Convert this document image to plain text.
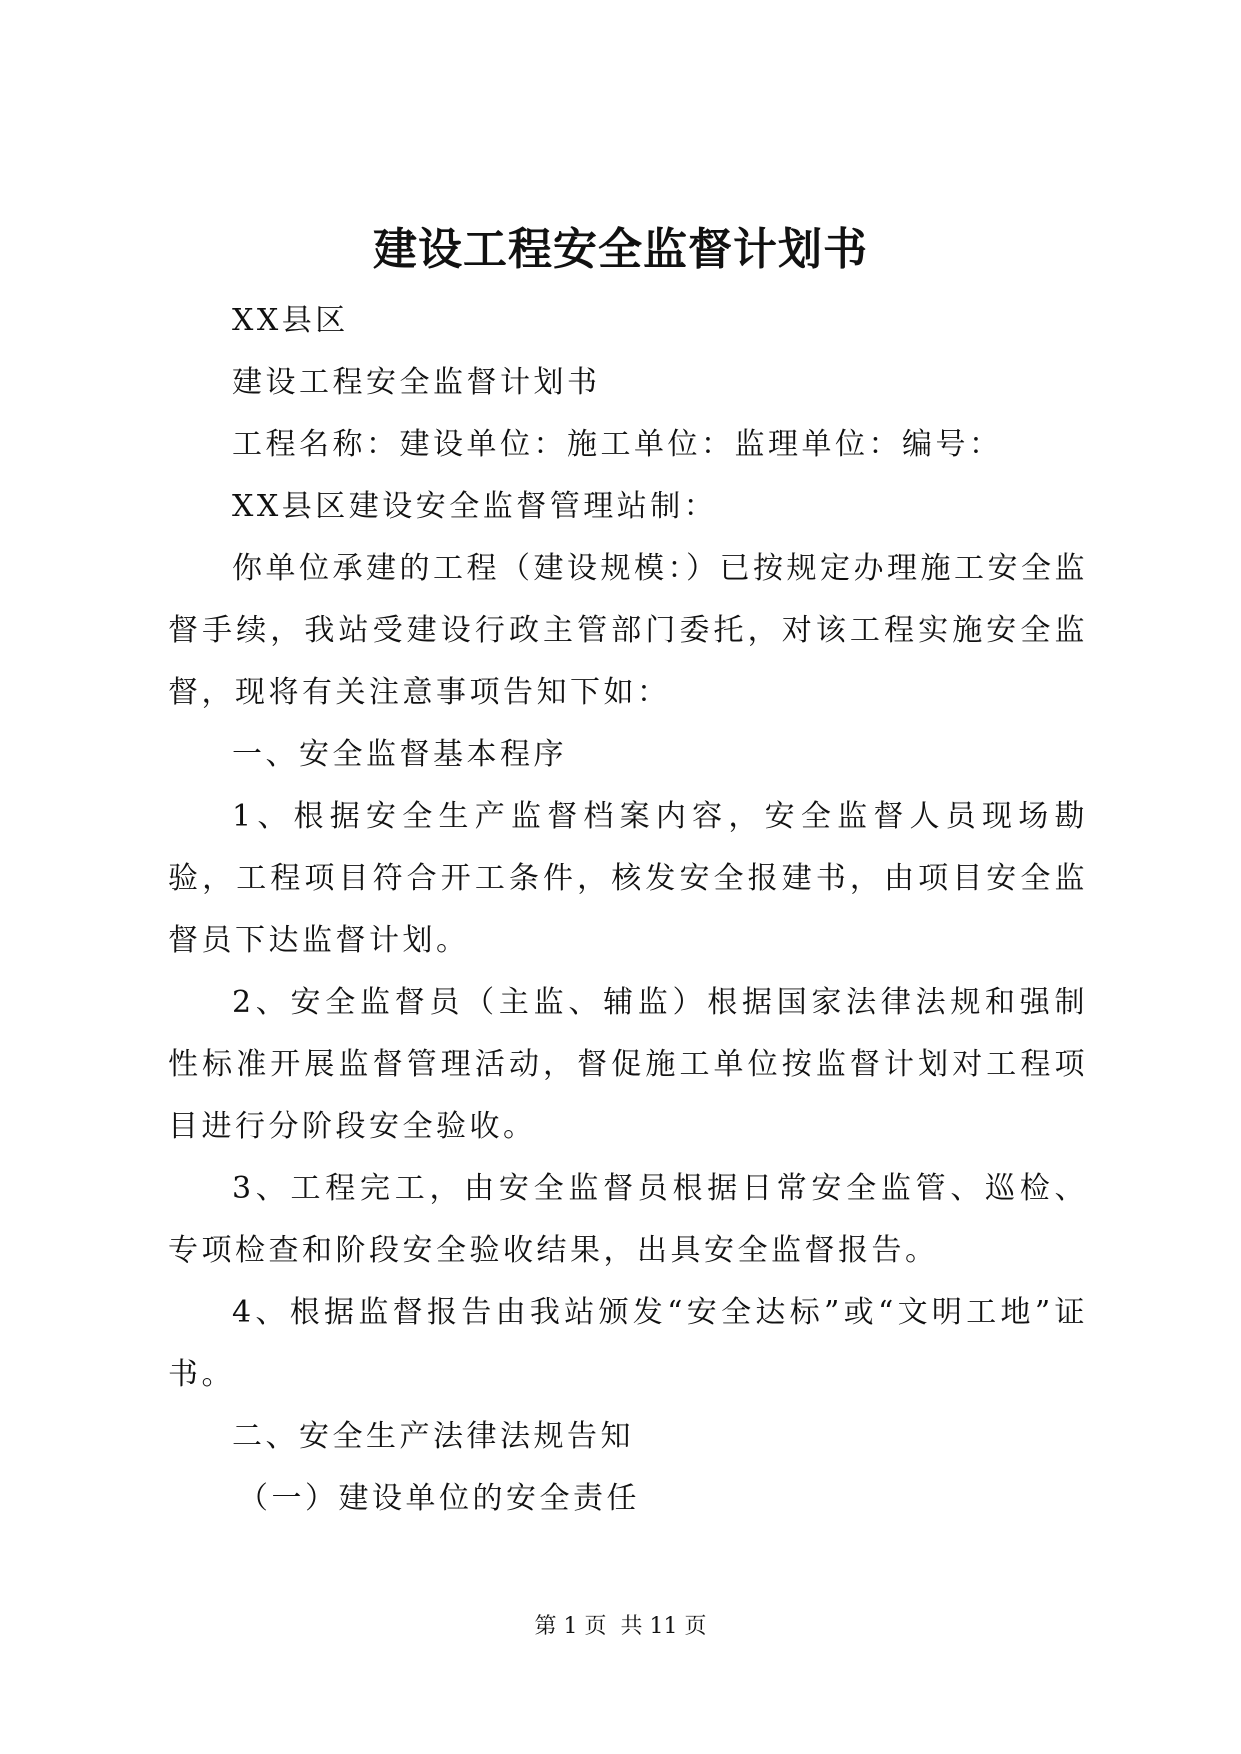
建设工程安全监督计划书

XX县区

建设工程安全监督计划书

工程名称：建设单位：施工单位：监理单位：编号：

XX县区建设安全监督管理站制：

你单位承建的工程（建设规模：）已按规定办理施工安全监督手续，我站受建设行政主管部门委托，对该工程实施安全监督，现将有关注意事项告知下如：

一、安全监督基本程序

1、根据安全生产监督档案内容，安全监督人员现场勘验，工程项目符合开工条件，核发安全报建书，由项目安全监督员下达监督计划。

2、安全监督员（主监、辅监）根据国家法律法规和强制性标准开展监督管理活动，督促施工单位按监督计划对工程项目进行分阶段安全验收。

3、工程完工，由安全监督员根据日常安全监管、巡检、专项检查和阶段安全验收结果，出具安全监督报告。

4、根据监督报告由我站颁发“安全达标”或“文明工地”证书。

二、安全生产法律法规告知

（一）建设单位的安全责任

第 1 页  共 11 页
